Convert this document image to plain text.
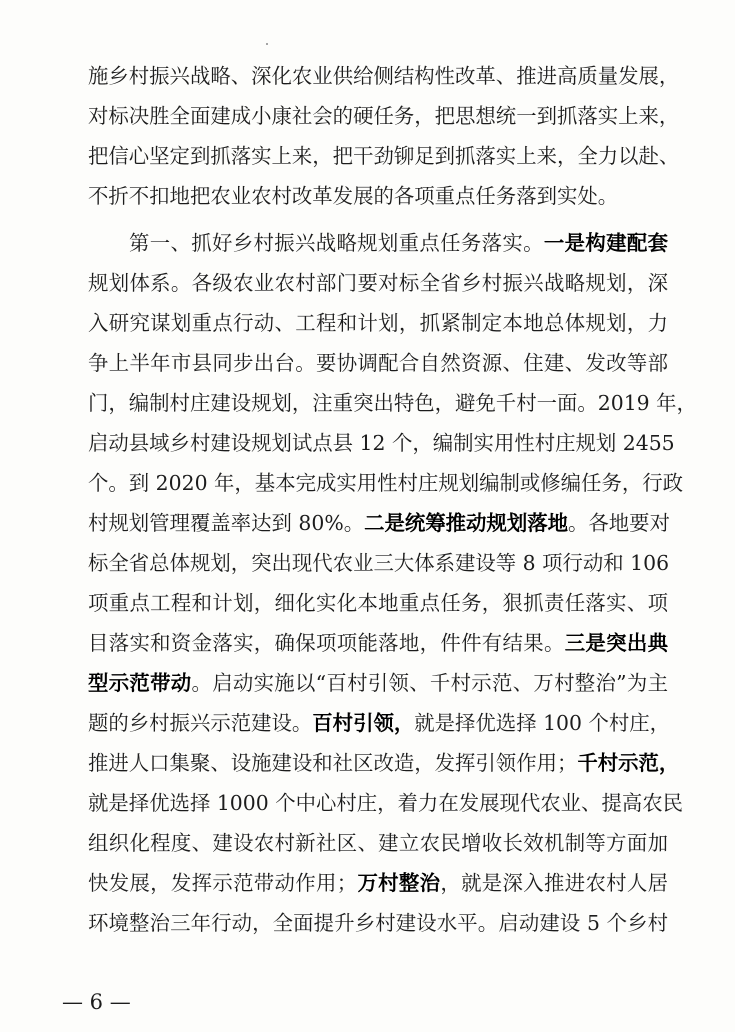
施乡村振兴战略、深化农业供给侧结构性改革、推进高质量发展，
对标决胜全面建成小康社会的硬任务，把思想统一到抓落实上来，
把信心坚定到抓落实上来，把干劲铆足到抓落实上来，全力以赴、
不折不扣地把农业农村改革发展的各项重点任务落到实处。
第一、抓好乡村振兴战略规划重点任务落实。一是构建配套
规划体系。各级农业农村部门要对标全省乡村振兴战略规划，深
入研究谋划重点行动、工程和计划，抓紧制定本地总体规划，力
争上半年市县同步出台。要协调配合自然资源、住建、发改等部
门，编制村庄建设规划，注重突出特色，避免千村一面。2019 年，
启动县域乡村建设规划试点县 12 个，编制实用性村庄规划 2455
个。到 2020 年，基本完成实用性村庄规划编制或修编任务，行政
村规划管理覆盖率达到 80%。二是统筹推动规划落地。各地要对
标全省总体规划，突出现代农业三大体系建设等 8 项行动和 106
项重点工程和计划，细化实化本地重点任务，狠抓责任落实、项
目落实和资金落实，确保项项能落地，件件有结果。三是突出典
型示范带动。启动实施以“百村引领、千村示范、万村整治”为主
题的乡村振兴示范建设。百村引领，就是择优选择 100 个村庄，
推进人口集聚、设施建设和社区改造，发挥引领作用；千村示范，
就是择优选择 1000 个中心村庄，着力在发展现代农业、提高农民
组织化程度、建设农村新社区、建立农民增收长效机制等方面加
快发展，发挥示范带动作用；万村整治，就是深入推进农村人居
环境整治三年行动，全面提升乡村建设水平。启动建设 5 个乡村
— 6 —
